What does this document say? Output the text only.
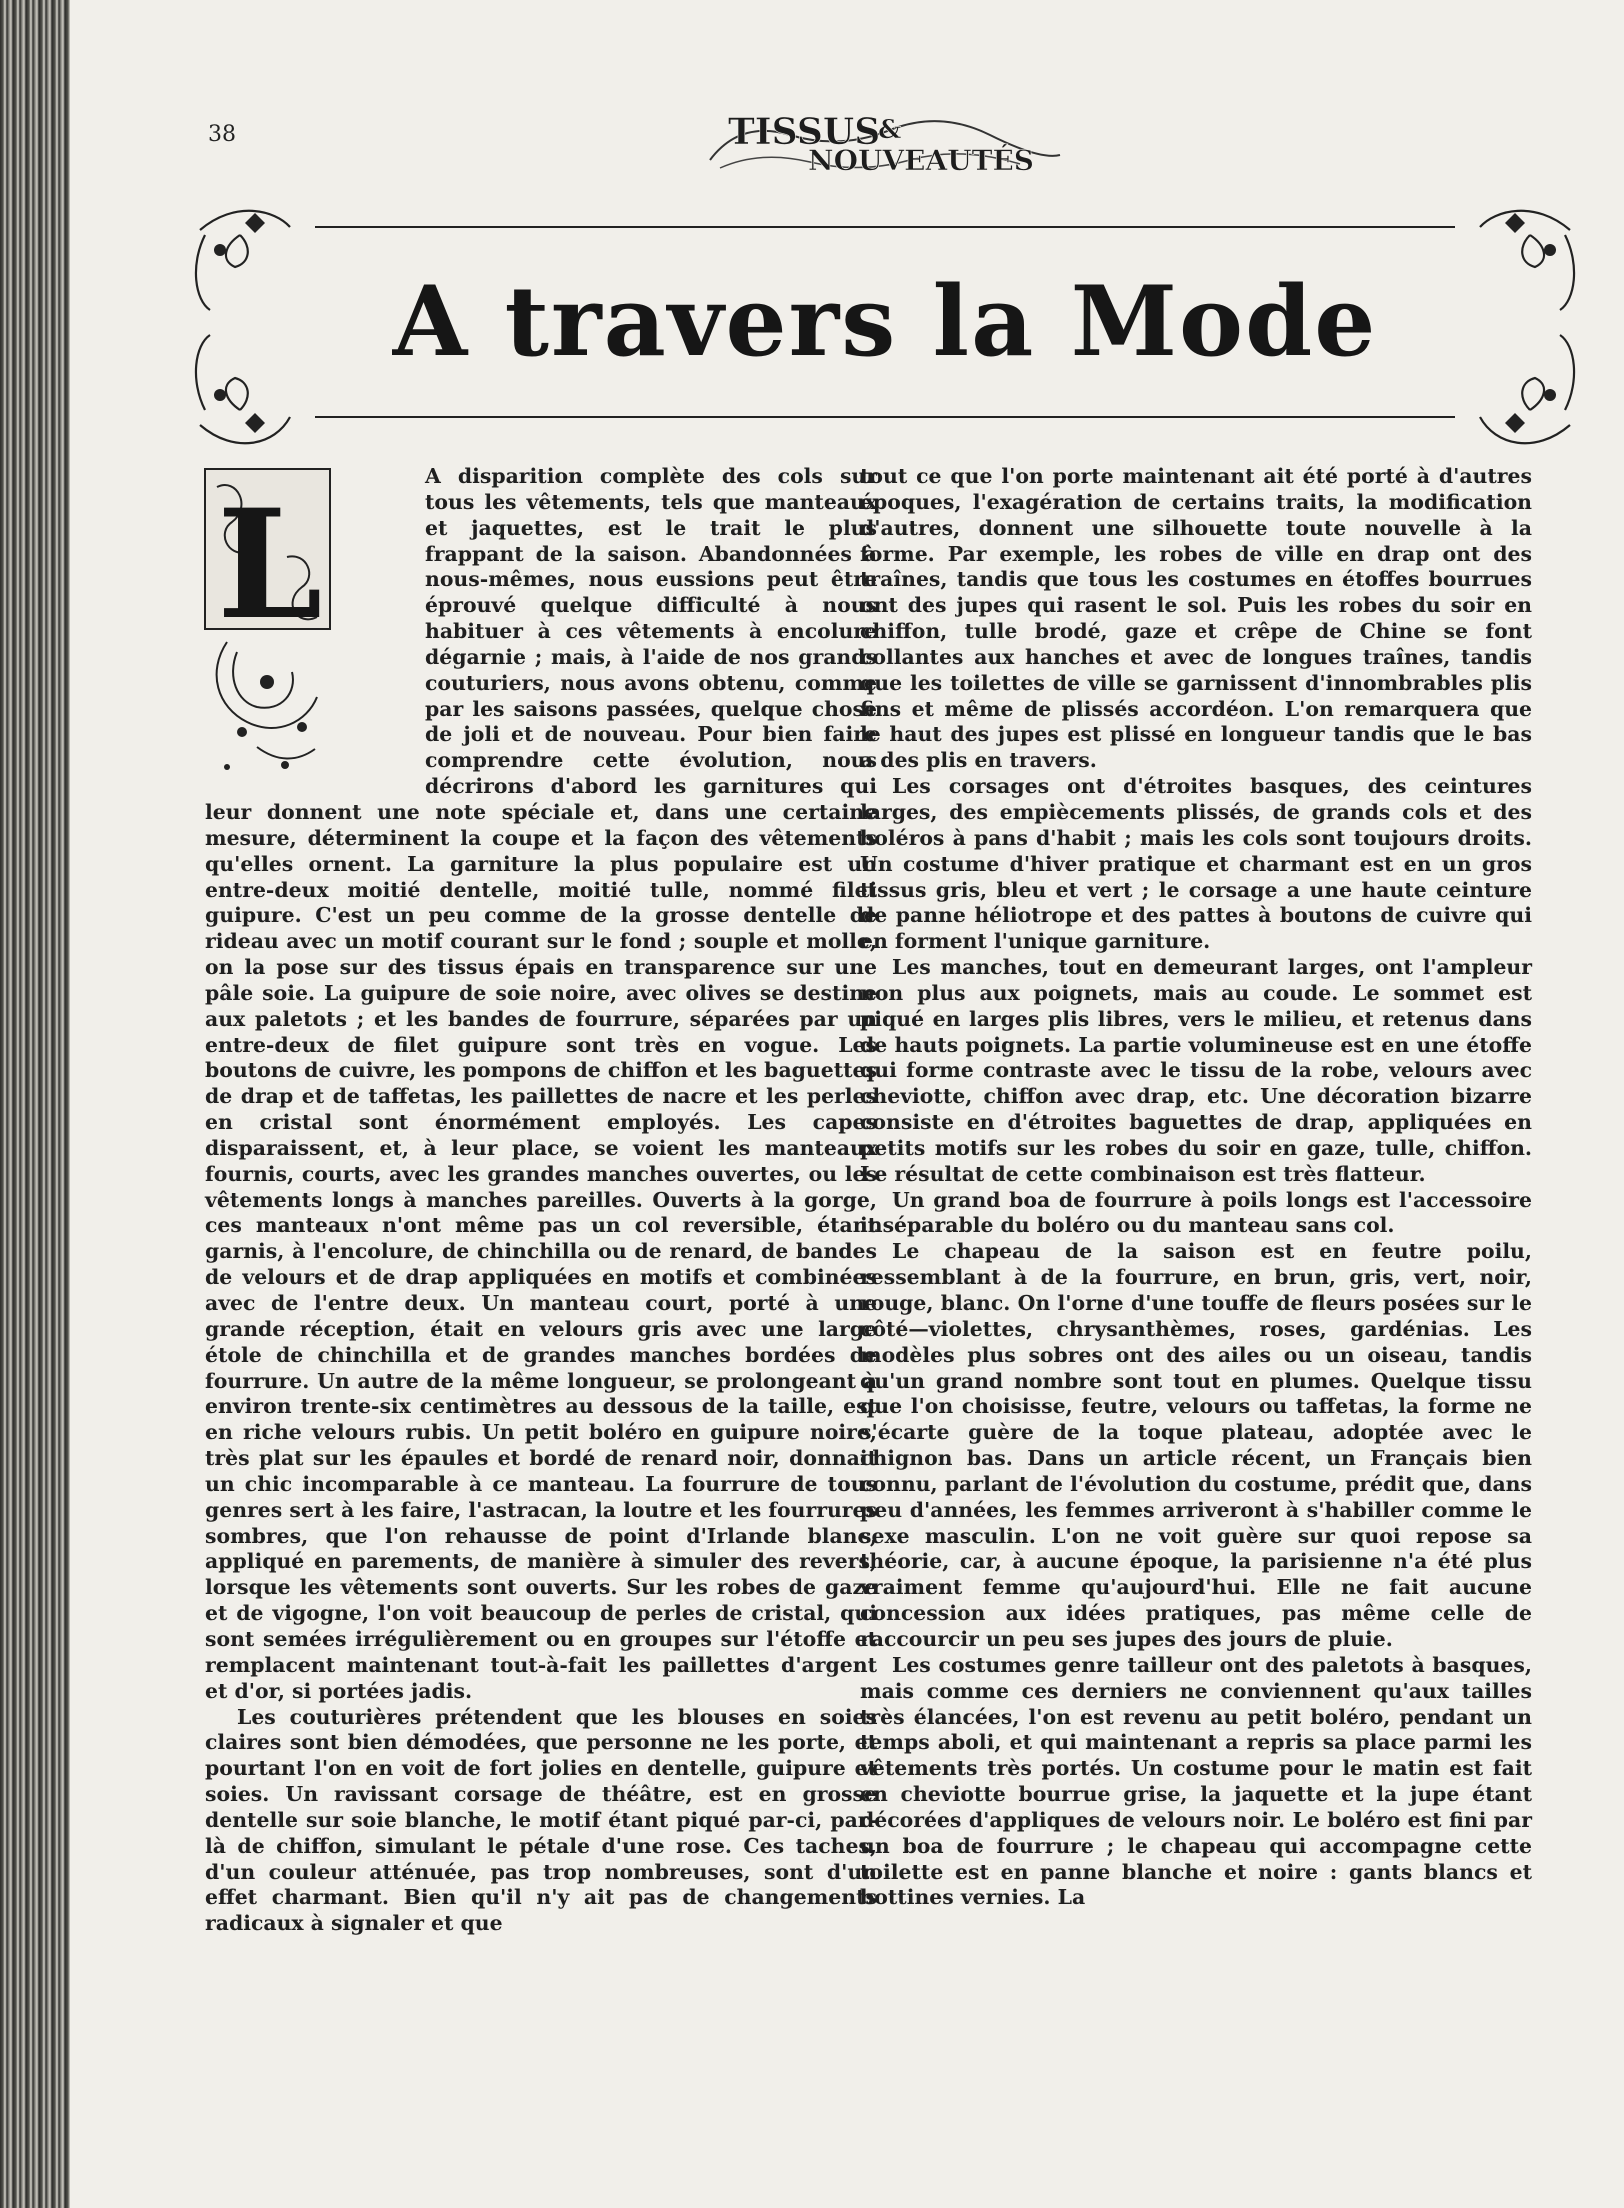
38	TISSUS
&
NOUVEAUTÉS
A travers la Mode
L

A disparition complète des cols sur tous les vêtements, tels que manteaux et jaquettes, est le trait le plus frappant de la saison. Abandonnées à nous-mêmes, nous eussions peut être éprouvé quelque difficulté à nous habituer à ces vêtements à encolure dégarnie ; mais, à l'aide de nos grands couturiers, nous avons obtenu, comme par les saisons passées, quelque chose de joli et de nouveau. Pour bien faire comprendre cette évolution, nous décrirons d'abord les garnitures qui leur donnent une note spéciale et, dans une certaine mesure, déterminent la coupe et la façon des vêtements qu'elles ornent. La garniture la plus populaire est un entre-deux moitié dentelle, moitié tulle, nommé filet guipure. C'est un peu comme de la grosse dentelle de rideau avec un motif courant sur le fond ; souple et molle, on la pose sur des tissus épais en transparence sur une pâle soie. La guipure de soie noire, avec olives se destine aux paletots ; et les bandes de fourrure, séparées par un entre-deux de filet guipure sont très en vogue. Les boutons de cuivre, les pompons de chiffon et les baguettes de drap et de taffetas, les paillettes de nacre et les perles en cristal sont énormément employés. Les capes disparaissent, et, à leur place, se voient les manteaux fournis, courts, avec les grandes manches ouvertes, ou les vêtements longs à manches pareilles. Ouverts à la gorge, ces manteaux n'ont même pas un col reversible, étant garnis, à l'encolure, de chinchilla ou de renard, de bandes de velours et de drap appliquées en motifs et combinées avec de l'entre deux. Un manteau court, porté à une grande réception, était en velours gris avec une large étole de chinchilla et de grandes manches bordées de fourrure. Un autre de la même longueur, se prolongeant à environ trente-six centimètres au dessous de la taille, est en riche velours rubis. Un petit boléro en guipure noire, très plat sur les épaules et bordé de renard noir, donnait un chic incomparable à ce manteau. La fourrure de tous genres sert à les faire, l'astracan, la loutre et les fourrures sombres, que l'on rehausse de point d'Irlande blanc, appliqué en parements, de manière à simuler des revers, lorsque les vêtements sont ouverts. Sur les robes de gaze et de vigogne, l'on voit beaucoup de perles de cristal, qui sont semées irrégulièrement ou en groupes sur l'étoffe et remplacent maintenant tout-à-fait les paillettes d'argent et d'or, si portées jadis.

Les couturières prétendent que les blouses en soies claires sont bien démodées, que personne ne les porte, et pourtant l'on en voit de fort jolies en dentelle, guipure et soies. Un ravissant corsage de théâtre, est en grosse dentelle sur soie blanche, le motif étant piqué par-ci, par-là de chiffon, simulant le pétale d'une rose. Ces taches, d'un couleur atténuée, pas trop nombreuses, sont d'un effet charmant. Bien qu'il n'y ait pas de changements radicaux à signaler et que

tout ce que l'on porte maintenant ait été porté à d'autres époques, l'exagération de certains traits, la modification d'autres, donnent une silhouette toute nouvelle à la forme. Par exemple, les robes de ville en drap ont des traînes, tandis que tous les costumes en étoffes bourrues ont des jupes qui rasent le sol. Puis les robes du soir en chiffon, tulle brodé, gaze et crêpe de Chine se font collantes aux hanches et avec de longues traînes, tandis que les toilettes de ville se garnissent d'innombrables plis fins et même de plissés accordéon. L'on remarquera que le haut des jupes est plissé en longueur tandis que le bas a des plis en travers.

Les corsages ont d'étroites basques, des ceintures larges, des empiècements plissés, de grands cols et des boléros à pans d'habit ; mais les cols sont toujours droits. Un costume d'hiver pratique et charmant est en un gros tissus gris, bleu et vert ; le corsage a une haute ceinture de panne héliotrope et des pattes à boutons de cuivre qui en forment l'unique garniture.

Les manches, tout en demeurant larges, ont l'ampleur non plus aux poignets, mais au coude. Le sommet est piqué en larges plis libres, vers le milieu, et retenus dans de hauts poignets. La partie volumineuse est en une étoffe qui forme contraste avec le tissu de la robe, velours avec cheviotte, chiffon avec drap, etc. Une décoration bizarre consiste en d'étroites baguettes de drap, appliquées en petits motifs sur les robes du soir en gaze, tulle, chiffon. Le résultat de cette combinaison est très flatteur.

Un grand boa de fourrure à poils longs est l'accessoire inséparable du boléro ou du manteau sans col.

Le chapeau de la saison est en feutre poilu, ressemblant à de la fourrure, en brun, gris, vert, noir, rouge, blanc. On l'orne d'une touffe de fleurs posées sur le côté—violettes, chrysanthèmes, roses, gardénias. Les modèles plus sobres ont des ailes ou un oiseau, tandis qu'un grand nombre sont tout en plumes. Quelque tissu que l'on choisisse, feutre, velours ou taffetas, la forme ne s'écarte guère de la toque plateau, adoptée avec le chignon bas. Dans un article récent, un Français bien connu, parlant de l'évolution du costume, prédit que, dans peu d'années, les femmes arriveront à s'habiller comme le sexe masculin. L'on ne voit guère sur quoi repose sa théorie, car, à aucune époque, la parisienne n'a été plus vraiment femme qu'aujourd'hui. Elle ne fait aucune concession aux idées pratiques, pas même celle de raccourcir un peu ses jupes des jours de pluie.

Les costumes genre tailleur ont des paletots à basques, mais comme ces derniers ne conviennent qu'aux tailles très élancées, l'on est revenu au petit boléro, pendant un temps aboli, et qui maintenant a repris sa place parmi les vêtements très portés. Un costume pour le matin est fait en cheviotte bourrue grise, la jaquette et la jupe étant décorées d'appliques de velours noir. Le boléro est fini par un boa de fourrure ; le chapeau qui accompagne cette toilette est en panne blanche et noire : gants blancs et bottines vernies. La
